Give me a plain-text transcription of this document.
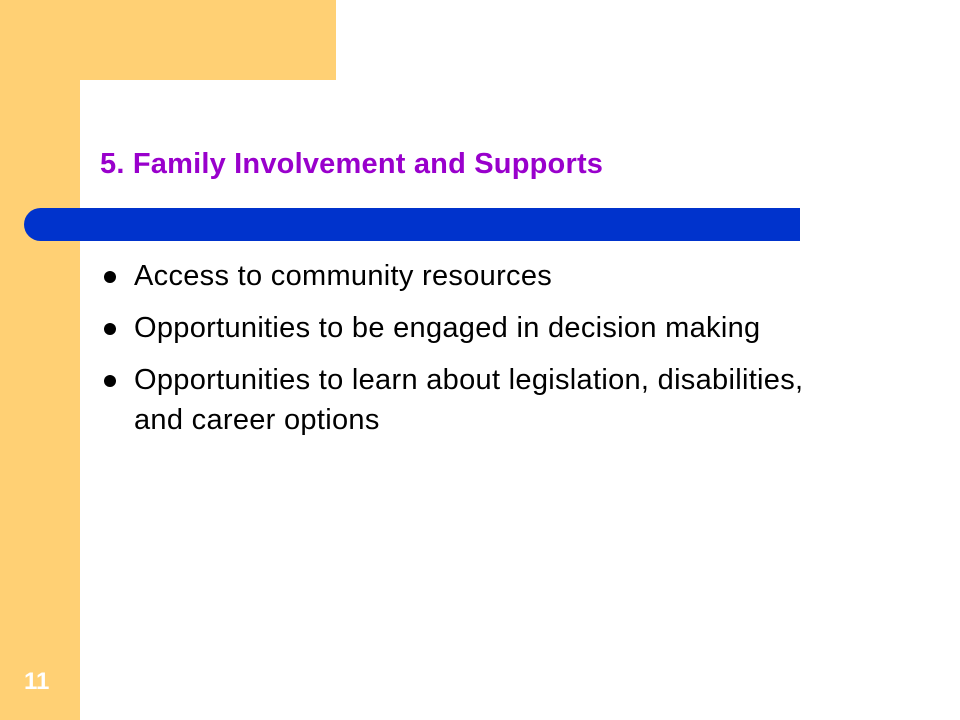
5. Family Involvement and Supports
Access to community resources
Opportunities to be engaged in decision making
Opportunities to learn about legislation, disabilities, and career options
11
